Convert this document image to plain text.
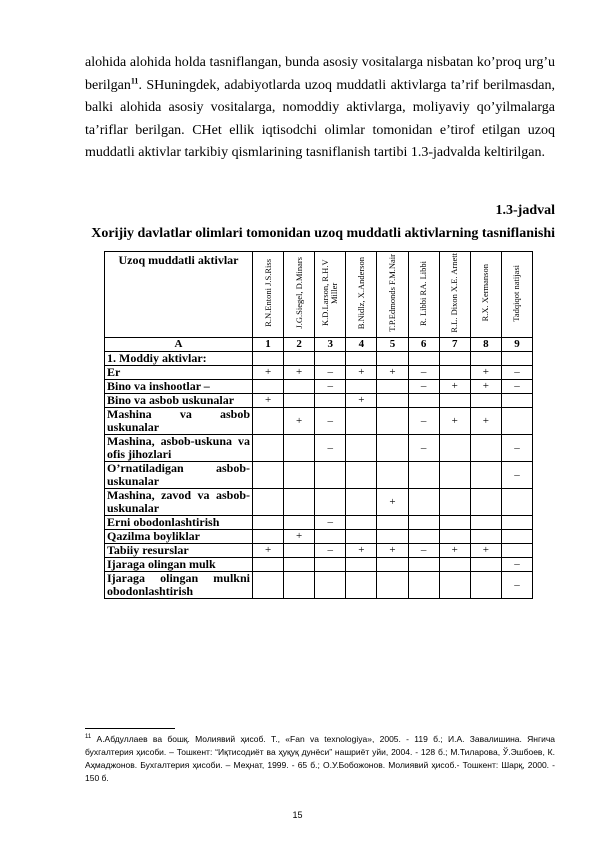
alohida alohida holda tasniflangan, bunda asosiy vositalarga nisbatan ko’proq urg’u berilgan$^{11}$. SHuningdek, adabiyotlarda uzoq muddatli aktivlarga ta’rif berilmasdan, balki alohida asosiy vositalarga, nomoddiy aktivlarga, moliyaviy qo’yilmalarga ta’riflar berilgan. CHet ellik iqtisodchi olimlar tomonidan e’tirof etilgan uzoq muddatli aktivlar tarkibiy qismlarining tasniflanish tartibi 1.3-jadvalda keltirilgan.

1.3-jadval
Xorijiy davlatlar olimlari tomonidan uzoq muddatli aktivlarning tasniflanishi
Uzoq muddatli aktivlar	R.N.Entoni J.S.Riss	J.G.Siegel, D.Minars	K.D.Larson, R.H.V Miller	B.Nidlz, X.Anderson	T.P.Edmonds F.M.Nair	R. Libbi RA. Libbi	R.L. Dixon X.E. Arnett	R.X. Xermanson	Tadqiqot natijasi
A	1	2	3	4	5	6	7	8	9
1. Moddiy aktivlar:									
Er	+	+	–	+	+	–		+	–
Bino va inshootlar –			–			–	+	+	–
Bino va asbob uskunalar	+			+					
Mashina va asbob uskunalar		+	–			–	+	+	
Mashina, asbob-uskuna va ofis jihozlari			–			–			–
O’rnatiladigan asbob-uskunalar									–
Mashina, zavod va asbob-uskunalar					+				
Erni obodonlashtirish			–						
Qazilma boyliklar		+							
Tabiiy resurslar	+		–	+	+	–	+	+	
Ijaraga olingan mulk									–
Ijaraga olingan mulkni obodonlashtirish									–

$^{11}$ А.Абдуллаев ва бошқ. Молиявий ҳисоб. Т., «Fan va texnologiya», 2005. - 119 б.; И.А. Завалишина. Янгича бухгалтерия ҳисоби. – Тошкент: “Иқтисодиёт ва ҳуқуқ дунёси” нашриёт уйи, 2004. - 128 б.; М.Тиларова, Ў.Эшбоев, К. Аҳмаджонов. Бухгалтерия ҳисоби. – Меҳнат, 1999. - 65 б.; О.У.Бобожонов. Молиявий ҳисоб.- Тошкент: Шарқ, 2000. - 150 б.

15
